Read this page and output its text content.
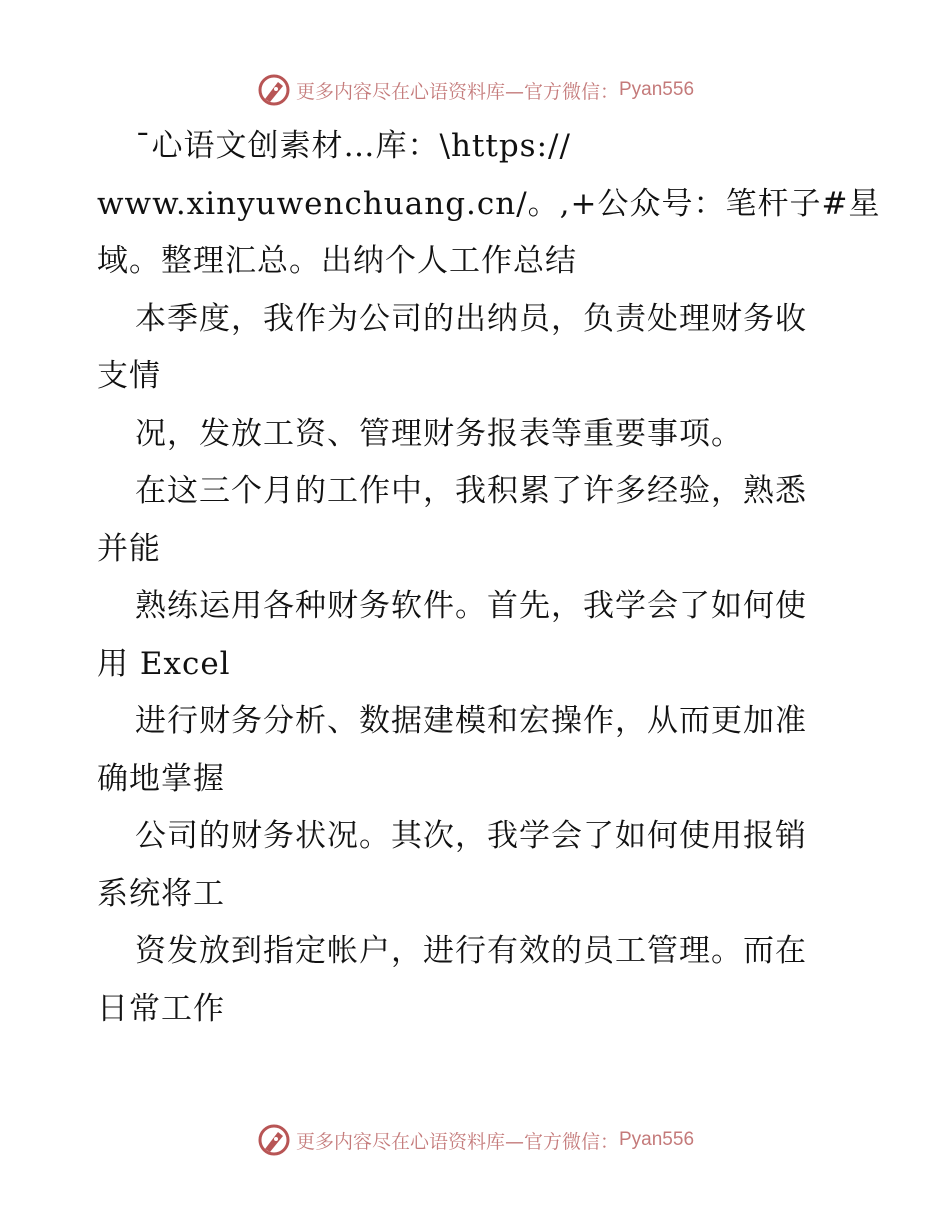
更多内容尽在心语资料库—官方微信： Pyan556
¯心语文创素材…库：\https://
www.xinyuwenchuang.cn/。,+公众号：笔杆子#星
域。整理汇总。出纳个人工作总结
本季度，我作为公司的出纳员，负责处理财务收
支情
况，发放工资、管理财务报表等重要事项。
在这三个月的工作中，我积累了许多经验，熟悉
并能
熟练运用各种财务软件。首先，我学会了如何使
用 Excel
进行财务分析、数据建模和宏操作，从而更加准
确地掌握
公司的财务状况。其次，我学会了如何使用报销
系统将工
资发放到指定帐户，进行有效的员工管理。而在
日常工作
更多内容尽在心语资料库—官方微信： Pyan556
